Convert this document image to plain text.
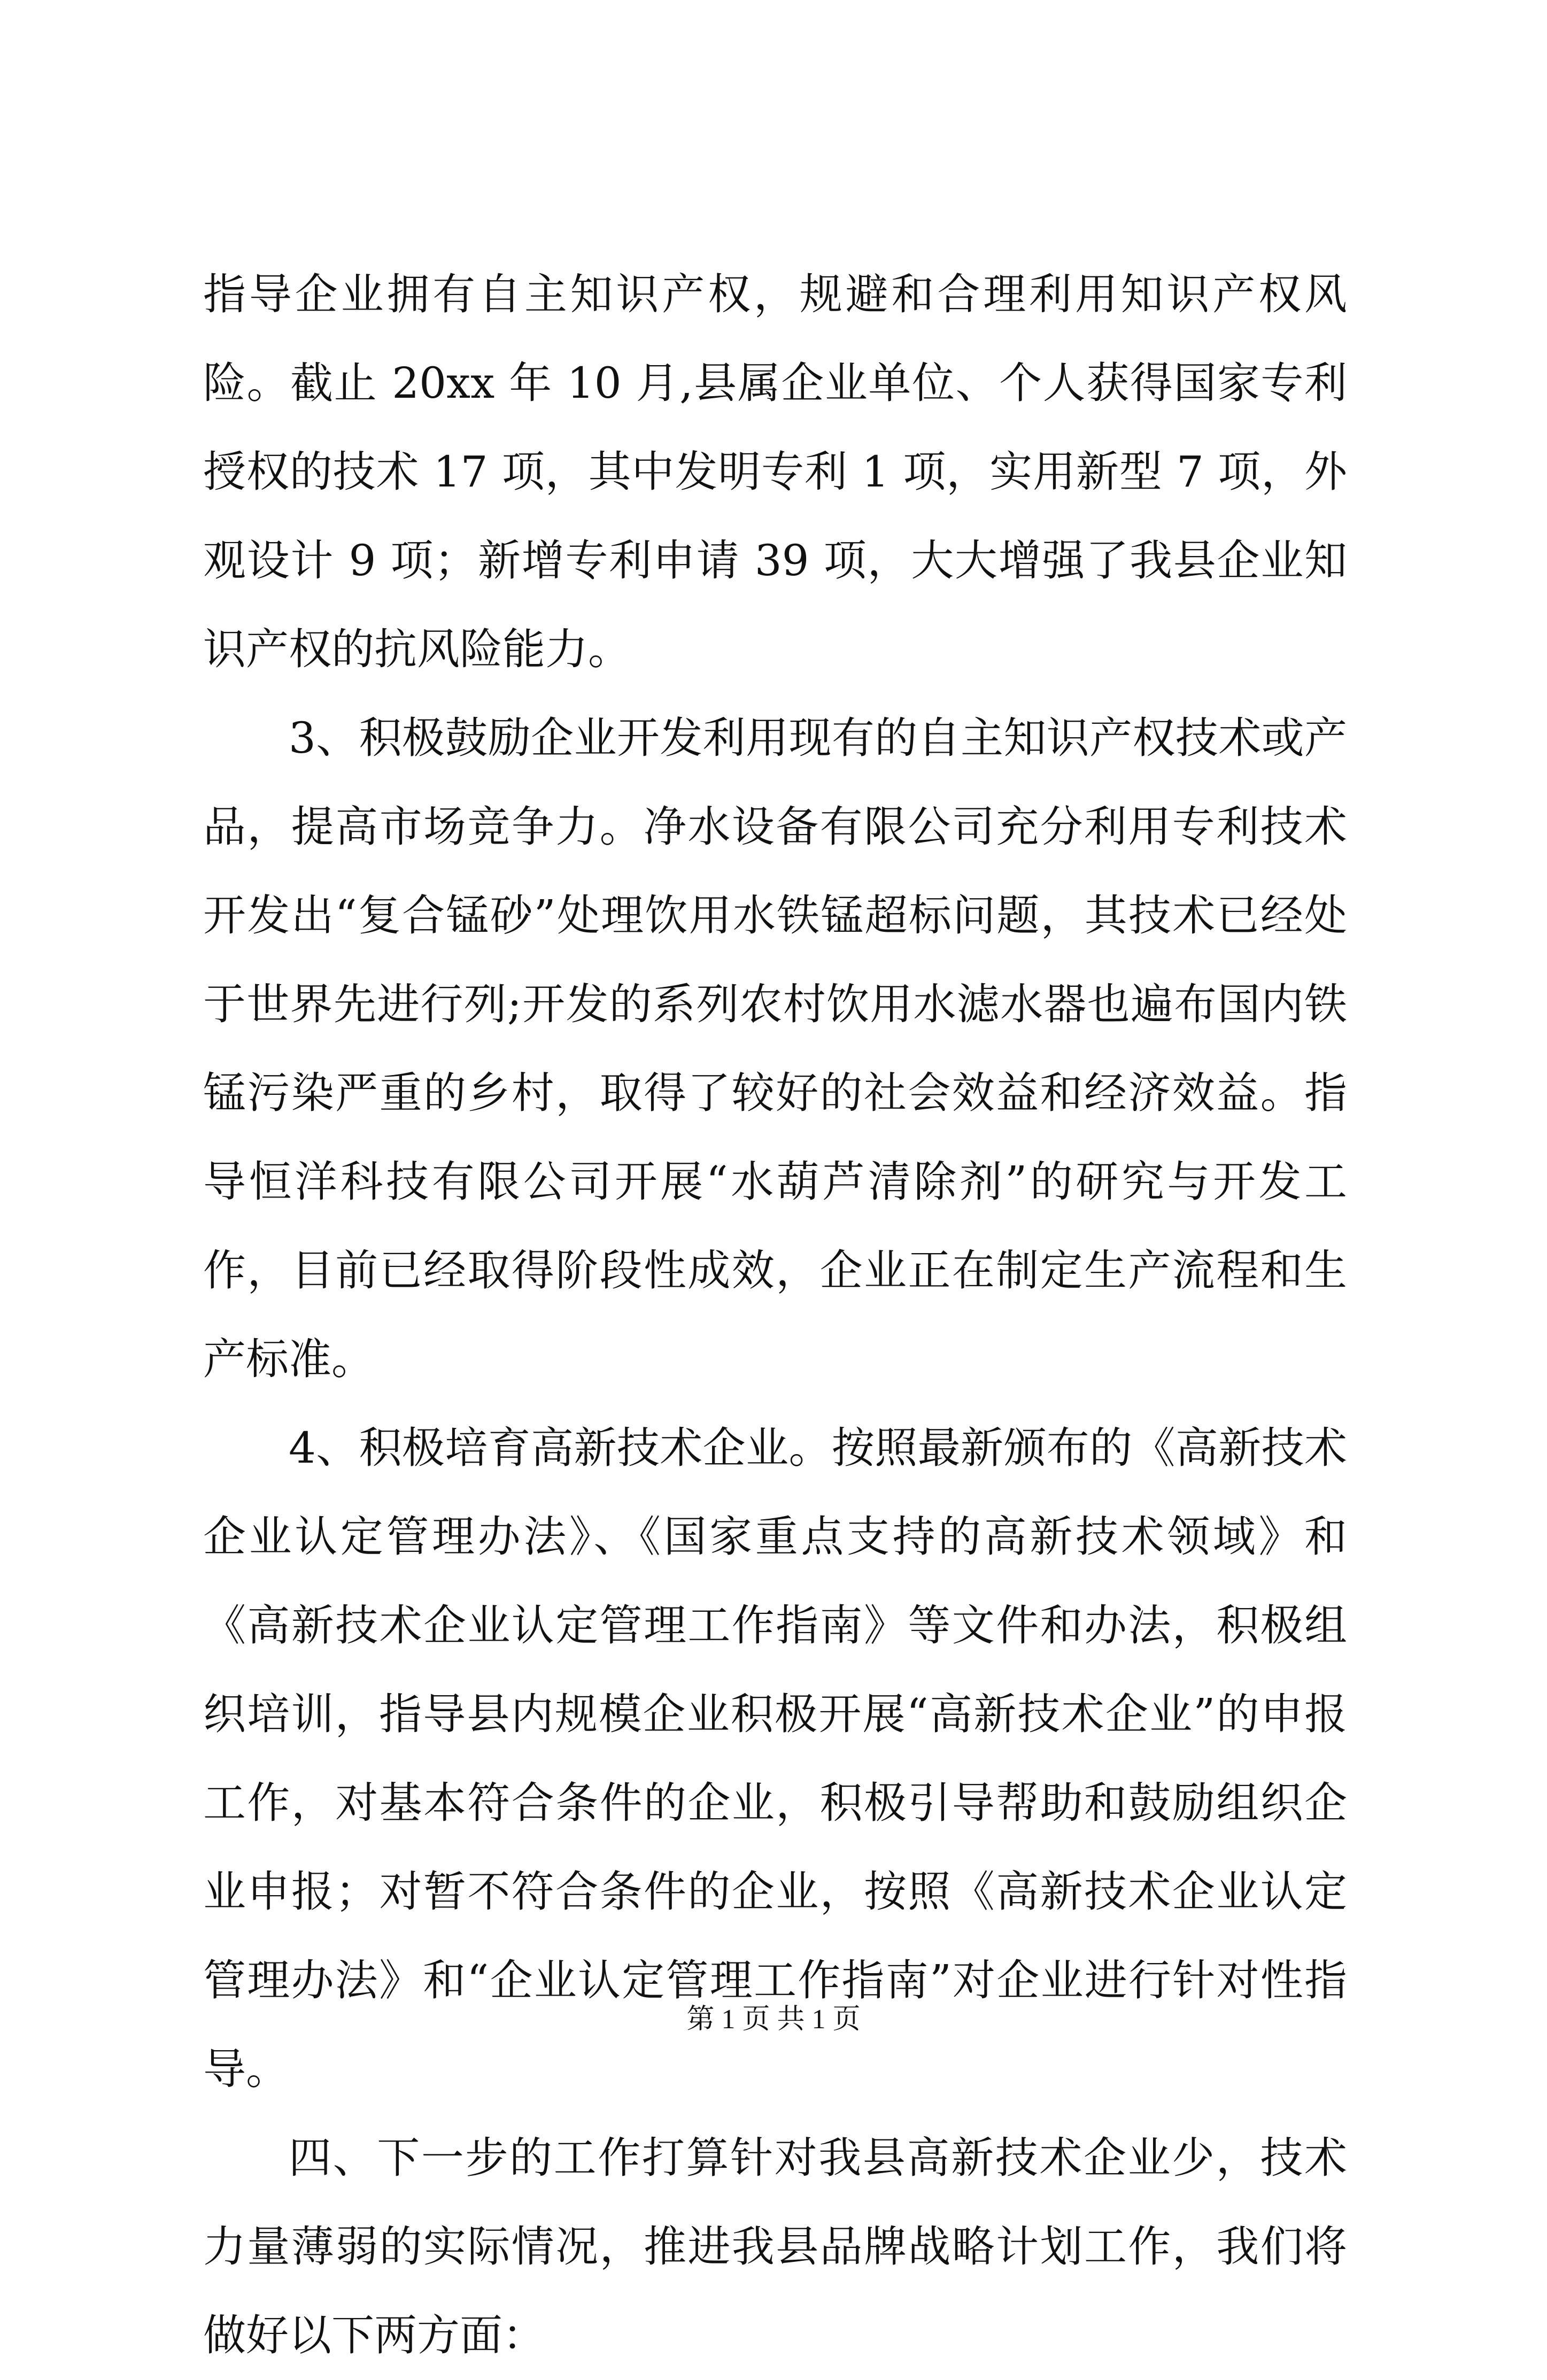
指导企业拥有自主知识产权，规避和合理利用知识产权风险。截止 20xx 年 10 月,县属企业单位、个人获得国家专利授权的技术 17 项，其中发明专利 1 项，实用新型 7 项，外观设计 9 项；新增专利申请 39 项，大大增强了我县企业知识产权的抗风险能力。

3、积极鼓励企业开发利用现有的自主知识产权技术或产品，提高市场竞争力。净水设备有限公司充分利用专利技术开发出“复合锰砂”处理饮用水铁锰超标问题，其技术已经处于世界先进行列;开发的系列农村饮用水滤水器也遍布国内铁锰污染严重的乡村，取得了较好的社会效益和经济效益。指导恒洋科技有限公司开展“水葫芦清除剂”的研究与开发工作，目前已经取得阶段性成效，企业正在制定生产流程和生产标准。

4、积极培育高新技术企业。按照最新颁布的《高新技术企业认定管理办法》、《国家重点支持的高新技术领域》和《高新技术企业认定管理工作指南》等文件和办法，积极组织培训，指导县内规模企业积极开展“高新技术企业”的申报工作，对基本符合条件的企业，积极引导帮助和鼓励组织企业申报；对暂不符合条件的企业，按照《高新技术企业认定管理办法》和“企业认定管理工作指南”对企业进行针对性指导。

四、下一步的工作打算针对我县高新技术企业少，技术力量薄弱的实际情况，推进我县品牌战略计划工作，我们将做好以下两方面：

第 1 页 共 1 页
